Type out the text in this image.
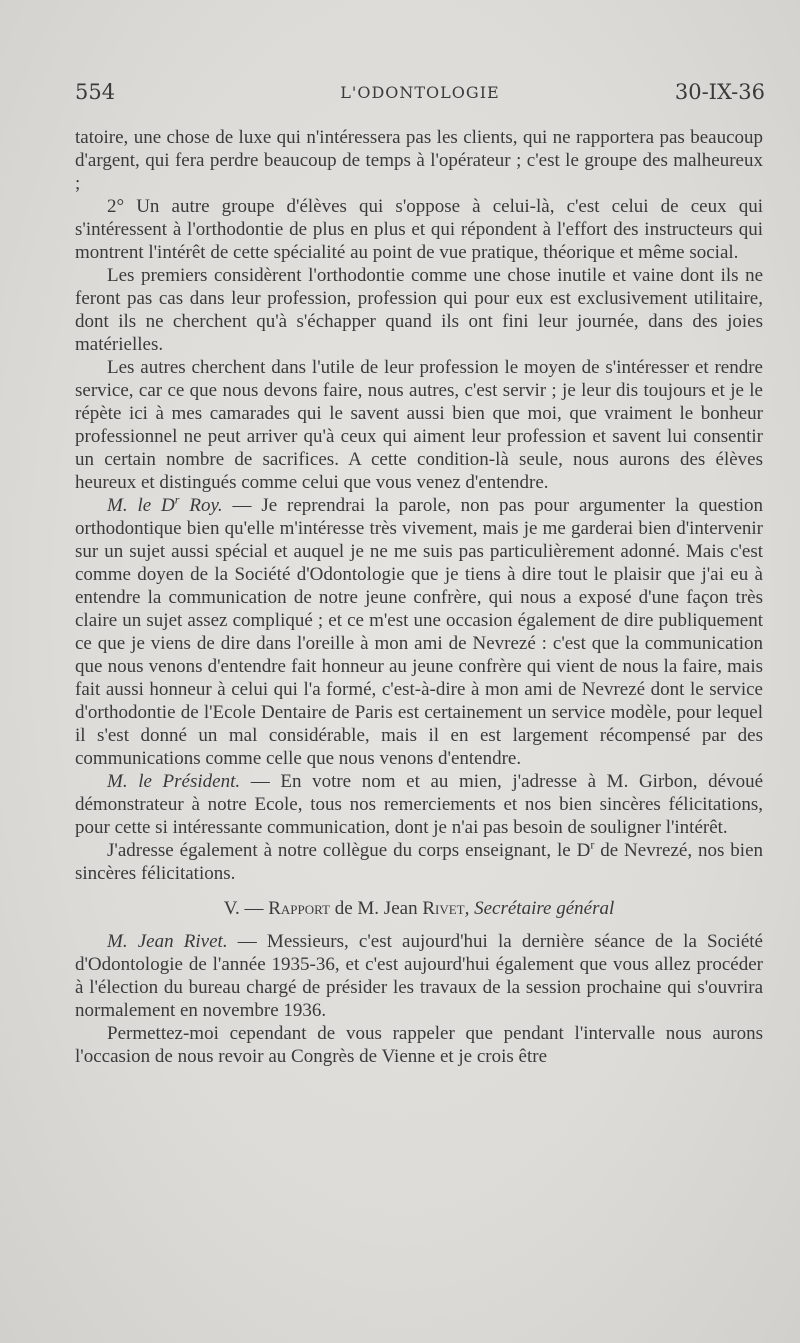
554	L'ODONTOLOGIE	30-IX-36

tatoire, une chose de luxe qui n'intéressera pas les clients, qui ne rapportera pas beaucoup d'argent, qui fera perdre beaucoup de temps à l'opérateur ; c'est le groupe des malheureux ;

2° Un autre groupe d'élèves qui s'oppose à celui-là, c'est celui de ceux qui s'intéressent à l'orthodontie de plus en plus et qui répondent à l'effort des instructeurs qui montrent l'intérêt de cette spécialité au point de vue pratique, théorique et même social.

Les premiers considèrent l'orthodontie comme une chose inutile et vaine dont ils ne feront pas cas dans leur profession, profession qui pour eux est exclusivement utilitaire, dont ils ne cherchent qu'à s'échapper quand ils ont fini leur journée, dans des joies matérielles.

Les autres cherchent dans l'utile de leur profession le moyen de s'intéresser et rendre service, car ce que nous devons faire, nous autres, c'est servir ; je leur dis toujours et je le répète ici à mes camarades qui le savent aussi bien que moi, que vraiment le bonheur professionnel ne peut arriver qu'à ceux qui aiment leur profession et savent lui consentir un certain nombre de sacrifices. A cette condition-là seule, nous aurons des élèves heureux et distingués comme celui que vous venez d'entendre.

M. le $D^r$ Roy. — Je reprendrai la parole, non pas pour argumenter la question orthodontique bien qu'elle m'intéresse très vivement, mais je me garderai bien d'intervenir sur un sujet aussi spécial et auquel je ne me suis pas particulièrement adonné. Mais c'est comme doyen de la Société d'Odontologie que je tiens à dire tout le plaisir que j'ai eu à entendre la communication de notre jeune confrère, qui nous a exposé d'une façon très claire un sujet assez compliqué ; et ce m'est une occasion également de dire publiquement ce que je viens de dire dans l'oreille à mon ami de Nevrezé : c'est que la communication que nous venons d'entendre fait honneur au jeune confrère qui vient de nous la faire, mais fait aussi honneur à celui qui l'a formé, c'est-à-dire à mon ami de Nevrezé dont le service d'orthodontie de l'Ecole Dentaire de Paris est certainement un service modèle, pour lequel il s'est donné un mal considérable, mais il en est largement récompensé par des communications comme celle que nous venons d'entendre.

M. le Président. — En votre nom et au mien, j'adresse à M. Girbon, dévoué démonstrateur à notre Ecole, tous nos remerciements et nos bien sincères félicitations, pour cette si intéressante communication, dont je n'ai pas besoin de souligner l'intérêt.

J'adresse également à notre collègue du corps enseignant, le $D^r$ de Nevrezé, nos bien sincères félicitations.

V. — Rapport de M. Jean Rivet, Secrétaire général

M. Jean Rivet. — Messieurs, c'est aujourd'hui la dernière séance de la Société d'Odontologie de l'année 1935-36, et c'est aujourd'hui également que vous allez procéder à l'élection du bureau chargé de présider les travaux de la session prochaine qui s'ouvrira normalement en novembre 1936.

Permettez-moi cependant de vous rappeler que pendant l'intervalle nous aurons l'occasion de nous revoir au Congrès de Vienne et je crois être
